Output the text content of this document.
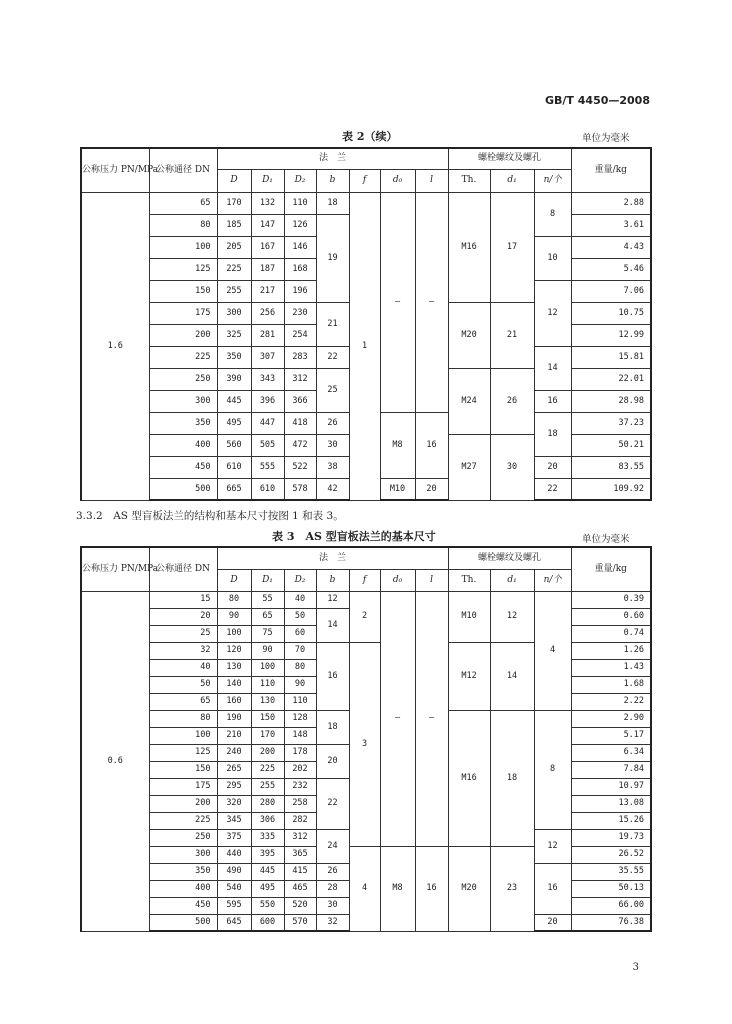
GB/T 4450—2008
表 2（续）	单位为毫米
公称压力 PN/MPa	公称通径 DN	法　兰							螺栓螺纹及螺孔			重量/kg
		D	D₁	D₂	b	f	d₀	l	Th.	d₁	n/个	
1.6	65	170	132	110	18	1	—	—	M16	17	8	2.88
	80	185	147	126	19							3.61
	100	205	167	146							10	4.43
	125	225	187	168								5.46
	150	255	217	196							12	7.06
	175	300	256	230	21				M20	21		10.75
	200	325	281	254								12.99
	225	350	307	283	22						14	15.81
	250	390	343	312	25				M24	26		22.01
	300	445	396	366							16	28.98
	350	495	447	418	26		M8	16			18	37.23
	400	560	505	472	30				M27	30		50.21
	450	610	555	522	38						20	83.55
	500	665	610	578	42		M10	20			22	109.92
3.3.2　AS 型盲板法兰的结构和基本尺寸按图 1 和表 3。
表 3　AS 型盲板法兰的基本尺寸	单位为毫米
公称压力 PN/MPa	公称通径 DN	法　兰							螺栓螺纹及螺孔			重量/kg
		D	D₁	D₂	b	f	d₀	l	Th.	d₁	n/个	
0.6	15	80	55	40	12	2	—	—	M10	12	4	0.39
	20	90	65	50	14							0.60
	25	100	75	60								0.74
	32	120	90	70	16	3			M12	14		1.26
	40	130	100	80								1.43
	50	140	110	90								1.68
	65	160	130	110								2.22
	80	190	150	128	18				M16	18	8	2.90
	100	210	170	148								5.17
	125	240	200	178	20							6.34
	150	265	225	202								7.84
	175	295	255	232	22							10.97
	200	320	280	258								13.08
	225	345	306	282								15.26
	250	375	335	312	24						12	19.73
	300	440	395	365		4	M8	16	M20	23		26.52
	350	490	445	415	26						16	35.55
	400	540	495	465	28							50.13
	450	595	550	520	30							66.00
	500	645	600	570	32						20	76.38
3
